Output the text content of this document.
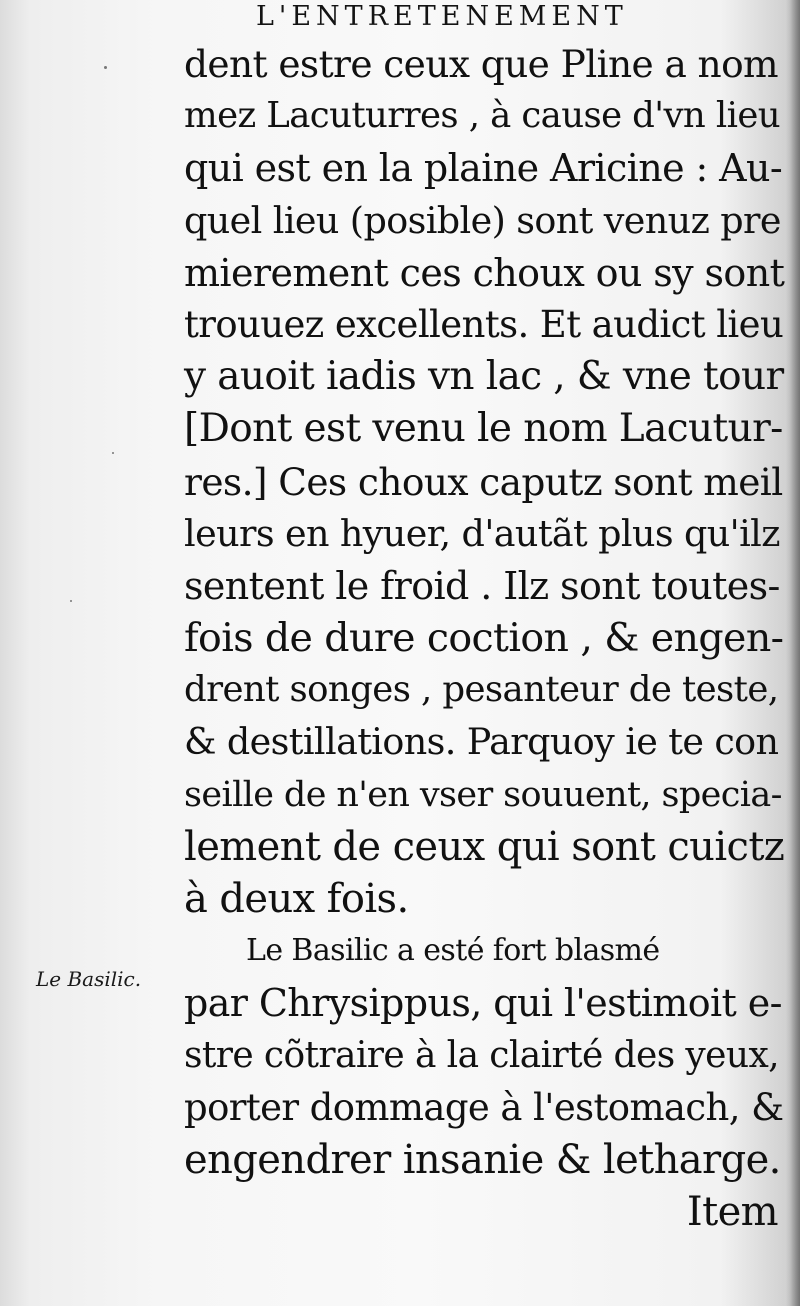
L'ENTRETENEMENT
Le Basilic.
dent estre ceux que Pline a nom
mez Lacuturres , à cause d'vn lieu
qui est en la plaine Aricine : Au-
quel lieu (posible) sont venuz pre
mierement ces choux ou sy sont
trouuez excellents. Et audict lieu
y auoit iadis vn lac , & vne tour
[Dont est venu le nom Lacutur-
res.] Ces choux caputz sont meil
leurs en hyuer, d'autãt plus qu'ilz
sentent le froid . Ilz sont toutes-
fois de dure coction , & engen-
drent songes , pesanteur de teste,
& destillations. Parquoy ie te con
seille de n'en vser souuent, specia-
lement de ceux qui sont cuictz
à deux fois.
Le Basilic a esté fort blasmé
par Chrysippus, qui l'estimoit e-
stre cõtraire à la clairté des yeux,
porter dommage à l'estomach, &
engendrer insanie & letharge.
Item
